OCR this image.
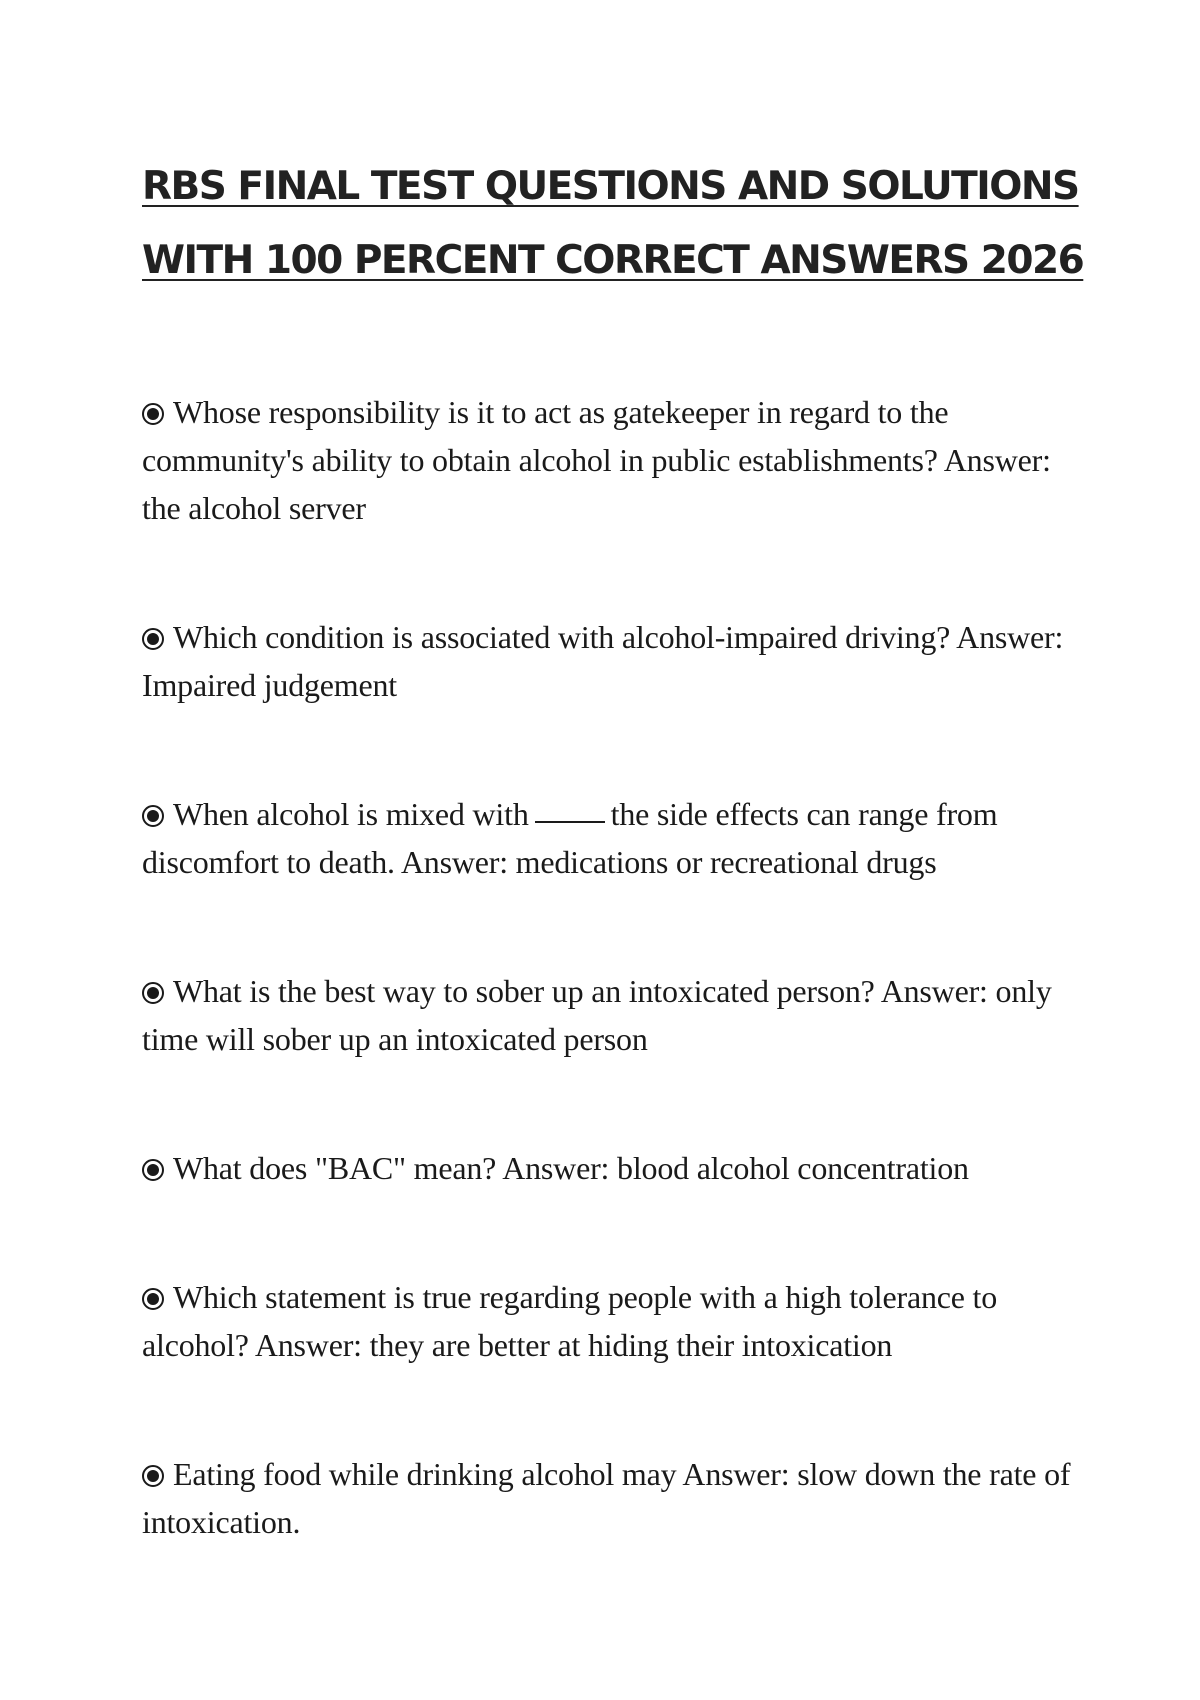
RBS FINAL TEST QUESTIONS AND SOLUTIONS
WITH 100 PERCENT CORRECT ANSWERS 2026

Whose responsibility is it to act as gatekeeper in regard to the community's ability to obtain alcohol in public establishments? Answer: the alcohol server

Which condition is associated with alcohol-impaired driving? Answer: Impaired judgement

When alcohol is mixed with	the side effects can range from discomfort to death. Answer: medications or recreational drugs

What is the best way to sober up an intoxicated person? Answer: only time will sober up an intoxicated person

What does "BAC" mean? Answer: blood alcohol concentration

Which statement is true regarding people with a high tolerance to alcohol? Answer: they are better at hiding their intoxication

Eating food while drinking alcohol may Answer: slow down the rate of intoxication.
